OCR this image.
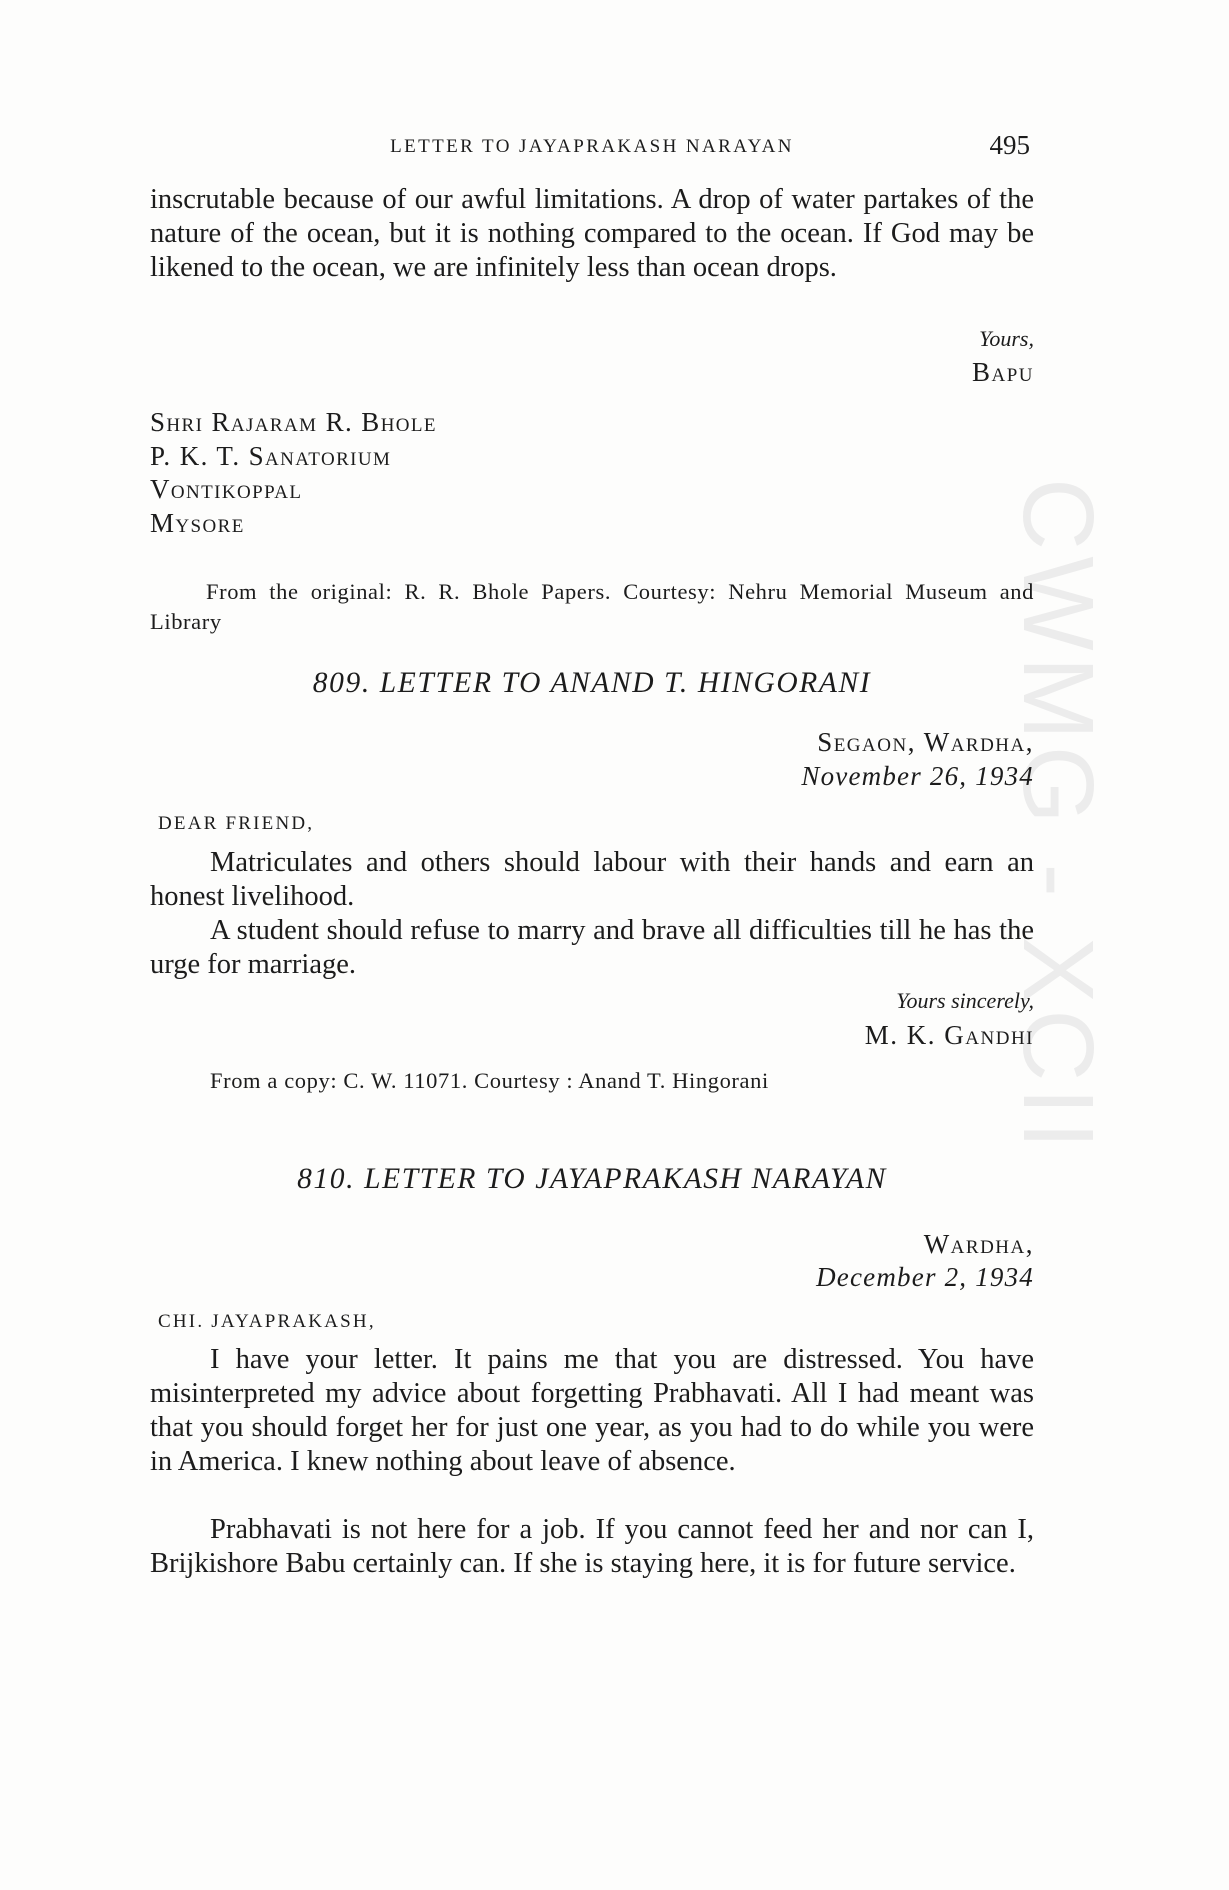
CWMG - XCII
LETTER TO JAYAPRAKASH NARAYAN	495

inscrutable because of our awful limitations. A drop of water partakes of the nature of the ocean, but it is nothing compared to the ocean. If God may be likened to the ocean, we are infinitely less than ocean drops.

Yours,
Bapu
Shri Rajaram R. Bhole
P. K. T. Sanatorium
Vontikoppal
Mysore

From the original: R. R. Bhole Papers. Courtesy: Nehru Memorial Museum and Library

809. LETTER TO ANAND T. HINGORANI
Segaon, Wardha,
November 26, 1934
DEAR FRIEND,

Matriculates and others should labour with their hands and earn an honest livelihood.

A student should refuse to marry and brave all difficulties till he has the urge for marriage.

Yours sincerely,
M. K. Gandhi
From a copy: C. W. 11071. Courtesy : Anand T. Hingorani
810. LETTER TO JAYAPRAKASH NARAYAN
Wardha,
December 2, 1934
CHI. JAYAPRAKASH,

I have your letter. It pains me that you are distressed. You have misinterpreted my advice about forgetting Prabhavati. All I had meant was that you should forget her for just one year, as you had to do while you were in America. I knew nothing about leave of absence.

Prabhavati is not here for a job. If you cannot feed her and nor can I, Brijkishore Babu certainly can. If she is staying here, it is for future service.
